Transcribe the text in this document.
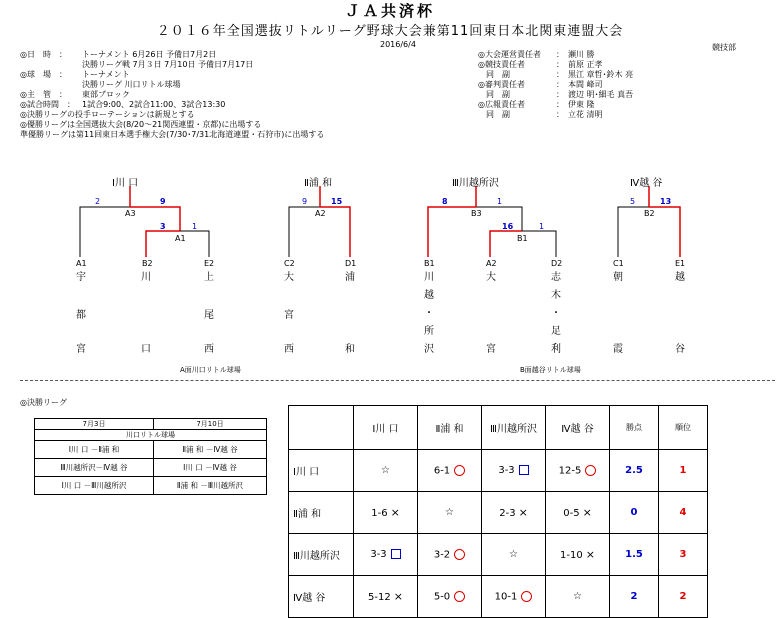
ＪＡ共済杯
２０１６年全国選抜リトルリーグ野球大会兼第11回東日本北関東連盟大会
2016/6/4	競技部
◎日　時　： トーナメント 6月26日 予備日7月2日
決勝リーグ戦 7月３日 7月10日 予備日7月17日
◎球　場　： トーナメント
決勝リーグ 川口リトル球場
◎主　管　： 東部ブロック
◎試合時間　： 1試合9:00、2試合11:00、3試合13:30
◎決勝リーグの投手ローテーションは新規とする
◎優勝リーグは全国選抜大会(8/20～21関西連盟・京都)に出場する
準優勝リーグは第11回東日本選手権大会(7/30･7/31北海道連盟・石狩市)に出場する
◎大会運営責任者 ：　瀬川 勝
◎競技責任者	：　前原 正孝
　同　副	：　黒江 章哲･鈴木 亮
◎審判責任者	：　本間 峰司
　同　副	：　渡辺 明･細毛 真吾
◎広報責任者	：　伊東 隆
　同　副	：　立花 清明
Ⅰ川 口	Ⅱ浦 和	Ⅲ川越所沢	Ⅳ越 谷
A3
2	9
A1
3	1
A2
9	15
B3
8	1
B1
16	1
B2
5	13
A1	B2	E2	C2	D1	B1	A2	D2	C1	E1
宇
都
宮
川
口
上
尾
西
大
宮
西
浦
和
川
越
・
所
沢
大
宮
志
木
・
足
利
朝
霞
越
谷
A面川口リトル球場	B面越谷リトル球場
◎決勝リーグ
7月3日	7月10日
川口リトル球場	
Ⅰ川 口 －Ⅱ浦 和	Ⅱ浦 和 －Ⅳ越 谷
Ⅲ川越所沢－Ⅳ越 谷	Ⅰ川 口 －Ⅳ越 谷
Ⅰ川 口 －Ⅲ川越所沢	Ⅱ浦 和 －Ⅲ川越所沢
	Ⅰ川 口	Ⅱ浦 和	Ⅲ川越所沢	Ⅳ越 谷	勝点	順位
Ⅰ川 口	☆	6-1	3-3	12-5	2.5	1
Ⅱ浦 和	1-6 ×	☆	2-3 ×	0-5 ×	0	4
Ⅲ川越所沢	3-3	3-2	☆	1-10 ×	1.5	3
Ⅳ越 谷	5-12 ×	5-0	10-1	☆	2	2
